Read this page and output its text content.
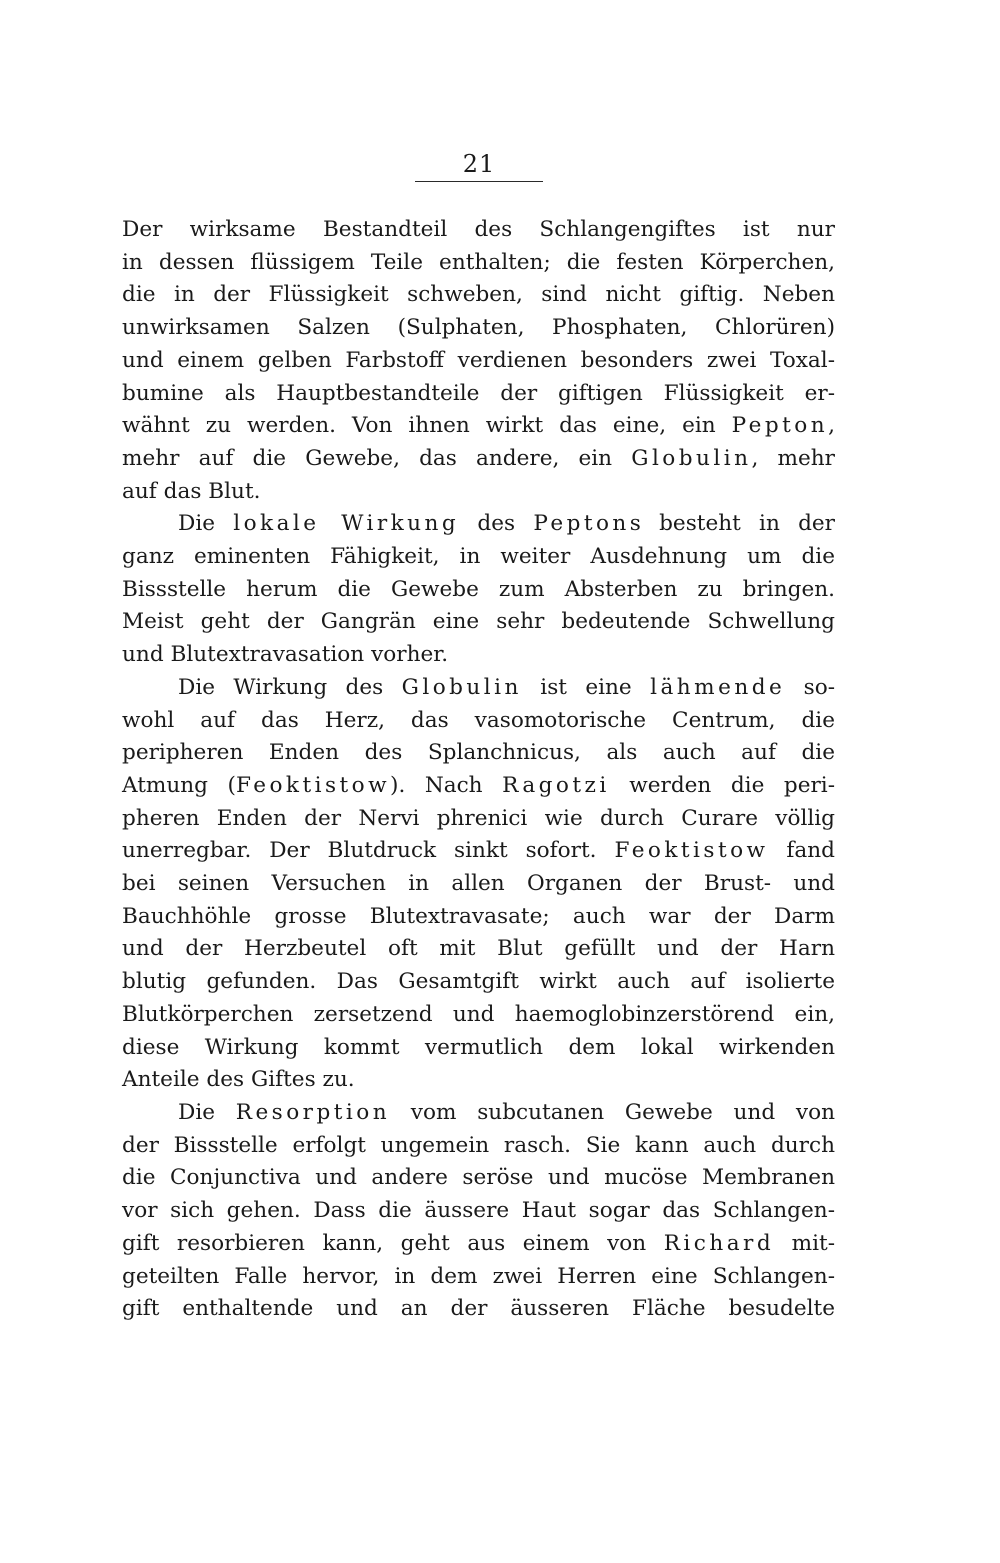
21
Der wirksame Bestandteil des Schlangengiftes ist nur
in dessen flüssigem Teile enthalten; die festen Körperchen,
die in der Flüssigkeit schweben, sind nicht giftig. Neben
unwirksamen Salzen (Sulphaten, Phosphaten, Chlorüren)
und einem gelben Farbstoff verdienen besonders zwei Toxal-
bumine als Hauptbestandteile der giftigen Flüssigkeit er-
wähnt zu werden. Von ihnen wirkt das eine, ein Pepton,
mehr auf die Gewebe, das andere, ein Globulin, mehr
auf das Blut.
Die lokale Wirkung des Peptons besteht in der
ganz eminenten Fähigkeit, in weiter Ausdehnung um die
Bissstelle herum die Gewebe zum Absterben zu bringen.
Meist geht der Gangrän eine sehr bedeutende Schwellung
und Blutextravasation vorher.
Die Wirkung des Globulin ist eine lähmende so-
wohl auf das Herz, das vasomotorische Centrum, die
peripheren Enden des Splanchnicus, als auch auf die
Atmung (Feoktistow). Nach Ragotzi werden die peri-
pheren Enden der Nervi phrenici wie durch Curare völlig
unerregbar. Der Blutdruck sinkt sofort. Feoktistow fand
bei seinen Versuchen in allen Organen der Brust- und
Bauchhöhle grosse Blutextravasate; auch war der Darm
und der Herzbeutel oft mit Blut gefüllt und der Harn
blutig gefunden. Das Gesamtgift wirkt auch auf isolierte
Blutkörperchen zersetzend und haemoglobinzerstörend ein,
diese Wirkung kommt vermutlich dem lokal wirkenden
Anteile des Giftes zu.
Die Resorption vom subcutanen Gewebe und von
der Bissstelle erfolgt ungemein rasch. Sie kann auch durch
die Conjunctiva und andere seröse und mucöse Membranen
vor sich gehen. Dass die äussere Haut sogar das Schlangen-
gift resorbieren kann, geht aus einem von Richard mit-
geteilten Falle hervor, in dem zwei Herren eine Schlangen-
gift enthaltende und an der äusseren Fläche besudelte
